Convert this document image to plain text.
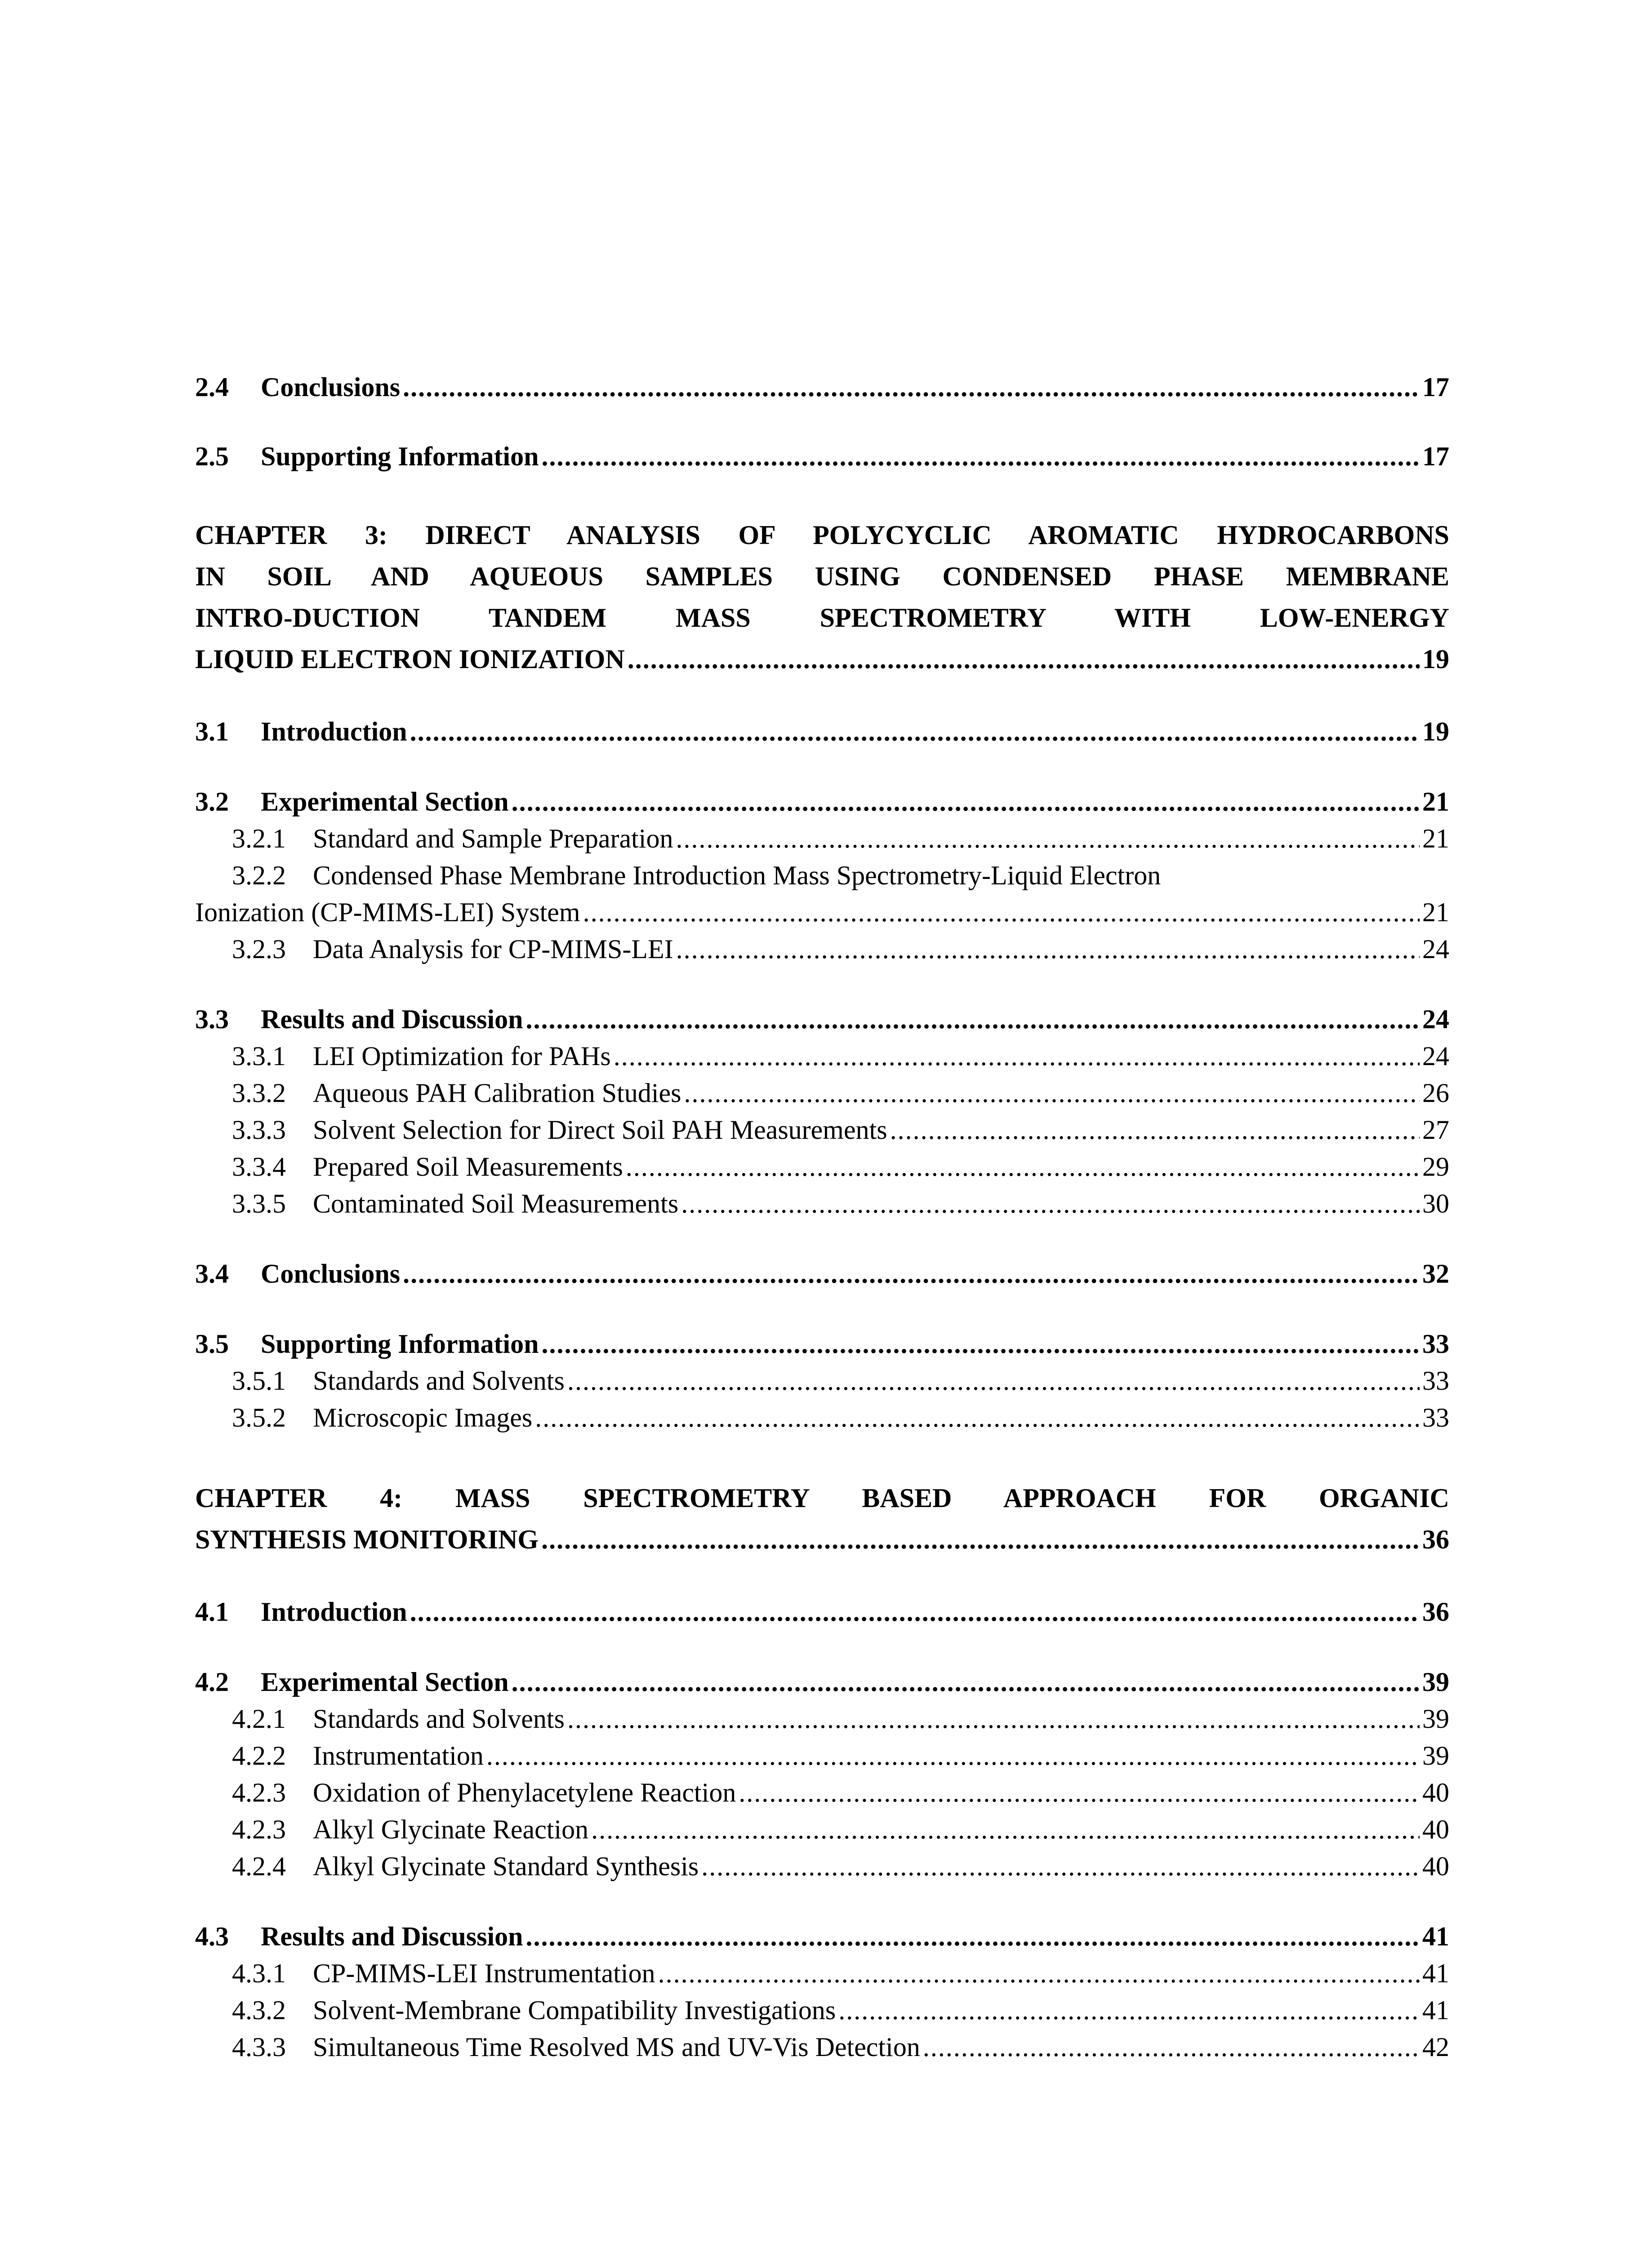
2.4 Conclusions .....	17
2.5 Supporting Information .....	17
CHAPTER 3: DIRECT ANALYSIS OF POLYCYCLIC AROMATIC HYDROCARBONS
IN SOIL AND AQUEOUS SAMPLES USING CONDENSED PHASE MEMBRANE
INTRO-DUCTION TANDEM MASS SPECTROMETRY WITH LOW-ENERGY
LIQUID ELECTRON IONIZATION .....	19
3.1 Introduction .....	19
3.2 Experimental Section .....	21
3.2.1 Standard and Sample Preparation .....	21
3.2.2 Condensed Phase Membrane Introduction Mass Spectrometry-Liquid Electron
Ionization (CP-MIMS-LEI) System .....	21
3.2.3 Data Analysis for CP-MIMS-LEI .....	24
3.3 Results and Discussion .....	24
3.3.1 LEI Optimization for PAHs .....	24
3.3.2 Aqueous PAH Calibration Studies .....	26
3.3.3 Solvent Selection for Direct Soil PAH Measurements .....	27
3.3.4 Prepared Soil Measurements .....	29
3.3.5 Contaminated Soil Measurements .....	30
3.4 Conclusions .....	32
3.5 Supporting Information .....	33
3.5.1 Standards and Solvents .....	33
3.5.2 Microscopic Images .....	33
CHAPTER 4: MASS SPECTROMETRY BASED APPROACH FOR ORGANIC
SYNTHESIS MONITORING .....	36
4.1 Introduction .....	36
4.2 Experimental Section .....	39
4.2.1 Standards and Solvents .....	39
4.2.2 Instrumentation .....	39
4.2.3 Oxidation of Phenylacetylene Reaction .....	40
4.2.3 Alkyl Glycinate Reaction .....	40
4.2.4 Alkyl Glycinate Standard Synthesis .....	40
4.3 Results and Discussion .....	41
4.3.1 CP-MIMS-LEI Instrumentation .....	41
4.3.2 Solvent-Membrane Compatibility Investigations .....	41
4.3.3 Simultaneous Time Resolved MS and UV-Vis Detection .....	42
